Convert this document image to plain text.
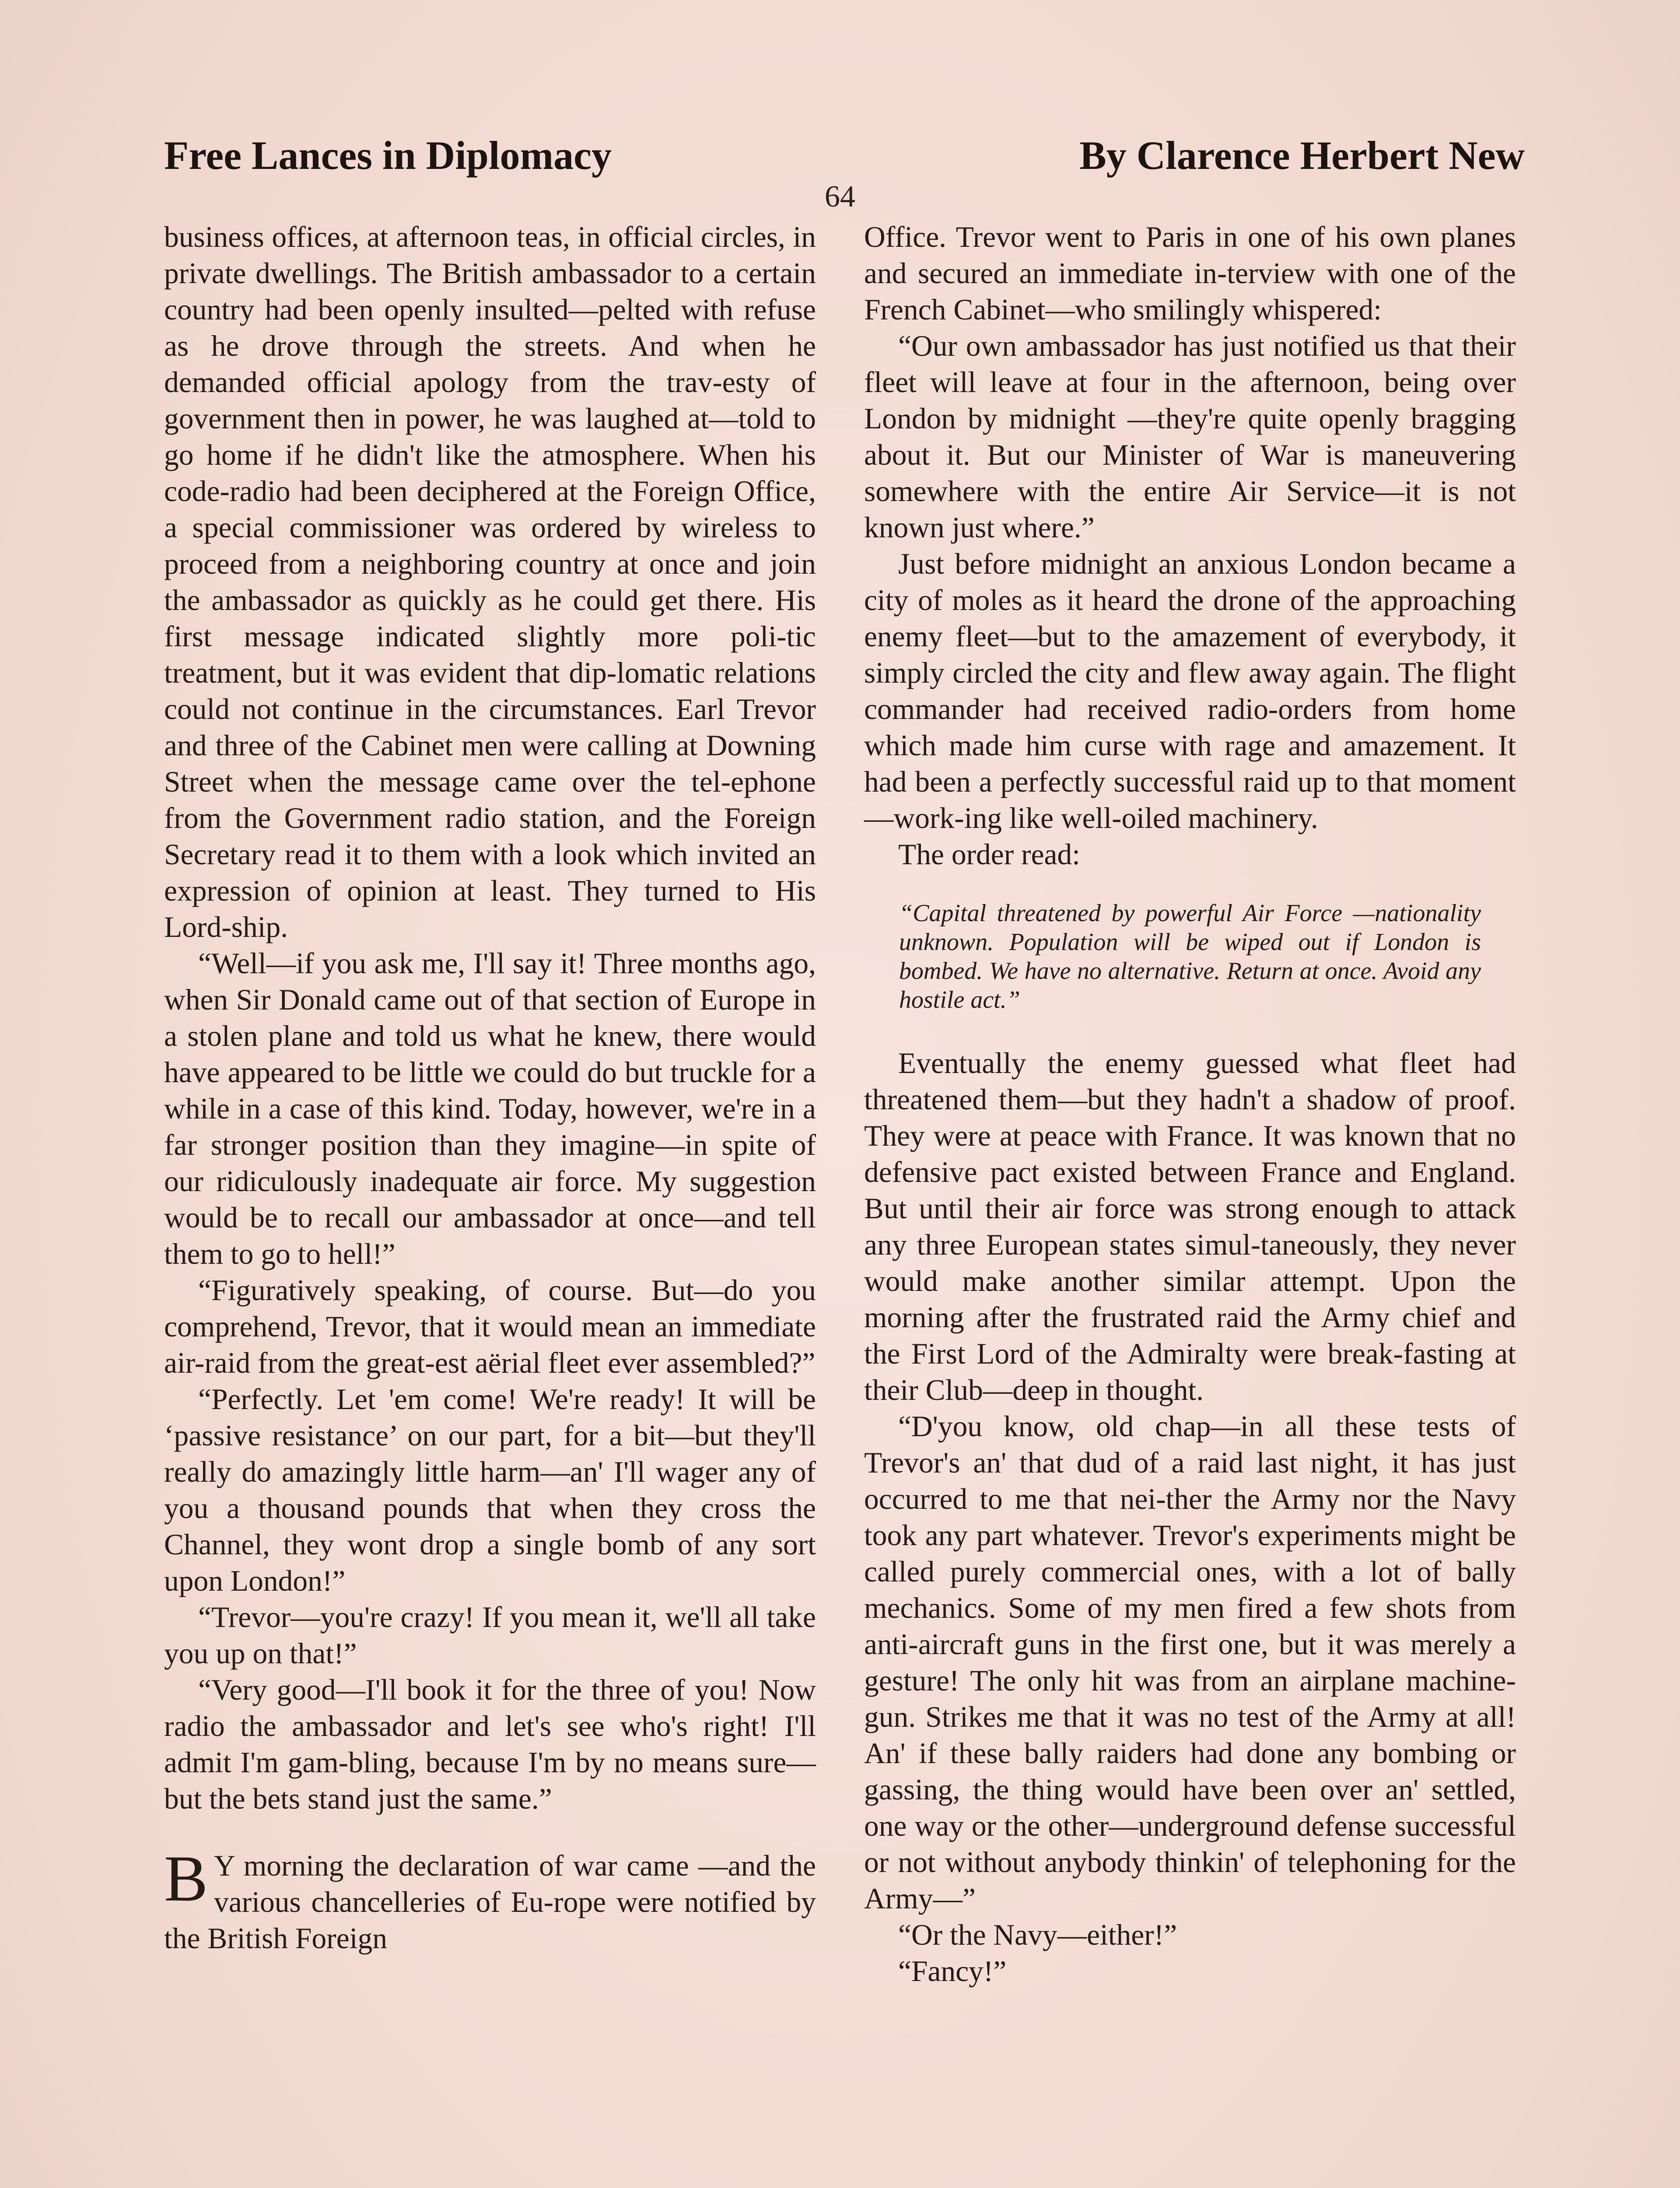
Free Lances in Diplomacy	By Clarence Herbert New
64

business offices, at afternoon teas, in official circles, in private dwellings. The British ambassador to a certain country had been openly insulted—pelted with refuse as he drove through the streets. And when he demanded official apology from the trav-esty of government then in power, he was laughed at—told to go home if he didn't like the atmosphere. When his code-radio had been deciphered at the Foreign Office, a special commissioner was ordered by wireless to proceed from a neighboring country at once and join the ambassador as quickly as he could get there. His first message indicated slightly more poli-tic treatment, but it was evident that dip-lomatic relations could not continue in the circumstances. Earl Trevor and three of the Cabinet men were calling at Downing Street when the message came over the tel-ephone from the Government radio station, and the Foreign Secretary read it to them with a look which invited an expression of opinion at least. They turned to His Lord-ship.

“Well—if you ask me, I'll say it! Three months ago, when Sir Donald came out of that section of Europe in a stolen plane and told us what he knew, there would have appeared to be little we could do but truckle for a while in a case of this kind. Today, however, we're in a far stronger position than they imagine—in spite of our ridiculously inadequate air force. My suggestion would be to recall our ambassador at once—and tell them to go to hell!”

“Figuratively speaking, of course. But—do you comprehend, Trevor, that it would mean an immediate air-raid from the great-est aërial fleet ever assembled?”

“Perfectly. Let 'em come! We're ready! It will be ‘passive resistance’ on our part, for a bit—but they'll really do amazingly little harm—an' I'll wager any of you a thousand pounds that when they cross the Channel, they wont drop a single bomb of any sort upon London!”

“Trevor—you're crazy! If you mean it, we'll all take you up on that!”

“Very good—I'll book it for the three of you! Now radio the ambassador and let's see who's right! I'll admit I'm gam-bling, because I'm by no means sure—but the bets stand just the same.”

B Y morning the declaration of war came —and the various chancelleries of Eu-rope were notified by the British Foreign

Office. Trevor went to Paris in one of his own planes and secured an immediate in-terview with one of the French Cabinet—who smilingly whispered:

“Our own ambassador has just notified us that their fleet will leave at four in the afternoon, being over London by midnight —they're quite openly bragging about it. But our Minister of War is maneuvering somewhere with the entire Air Service—it is not known just where.”

Just before midnight an anxious London became a city of moles as it heard the drone of the approaching enemy fleet—but to the amazement of everybody, it simply circled the city and flew away again. The flight commander had received radio-orders from home which made him curse with rage and amazement. It had been a perfectly successful raid up to that moment—work-ing like well-oiled machinery.

The order read:

“Capital threatened by powerful Air Force —nationality unknown. Population will be wiped out if London is bombed. We have no alternative. Return at once. Avoid any hostile act.”

Eventually the enemy guessed what fleet had threatened them—but they hadn't a shadow of proof. They were at peace with France. It was known that no defensive pact existed between France and England. But until their air force was strong enough to attack any three European states simul-taneously, they never would make another similar attempt. Upon the morning after the frustrated raid the Army chief and the First Lord of the Admiralty were break-fasting at their Club—deep in thought.

“D'you know, old chap—in all these tests of Trevor's an' that dud of a raid last night, it has just occurred to me that nei-ther the Army nor the Navy took any part whatever. Trevor's experiments might be called purely commercial ones, with a lot of bally mechanics. Some of my men fired a few shots from anti-aircraft guns in the first one, but it was merely a gesture! The only hit was from an airplane machine-gun. Strikes me that it was no test of the Army at all! An' if these bally raiders had done any bombing or gassing, the thing would have been over an' settled, one way or the other—underground defense successful or not without anybody thinkin' of telephoning for the Army—”

“Or the Navy—either!”

“Fancy!”
